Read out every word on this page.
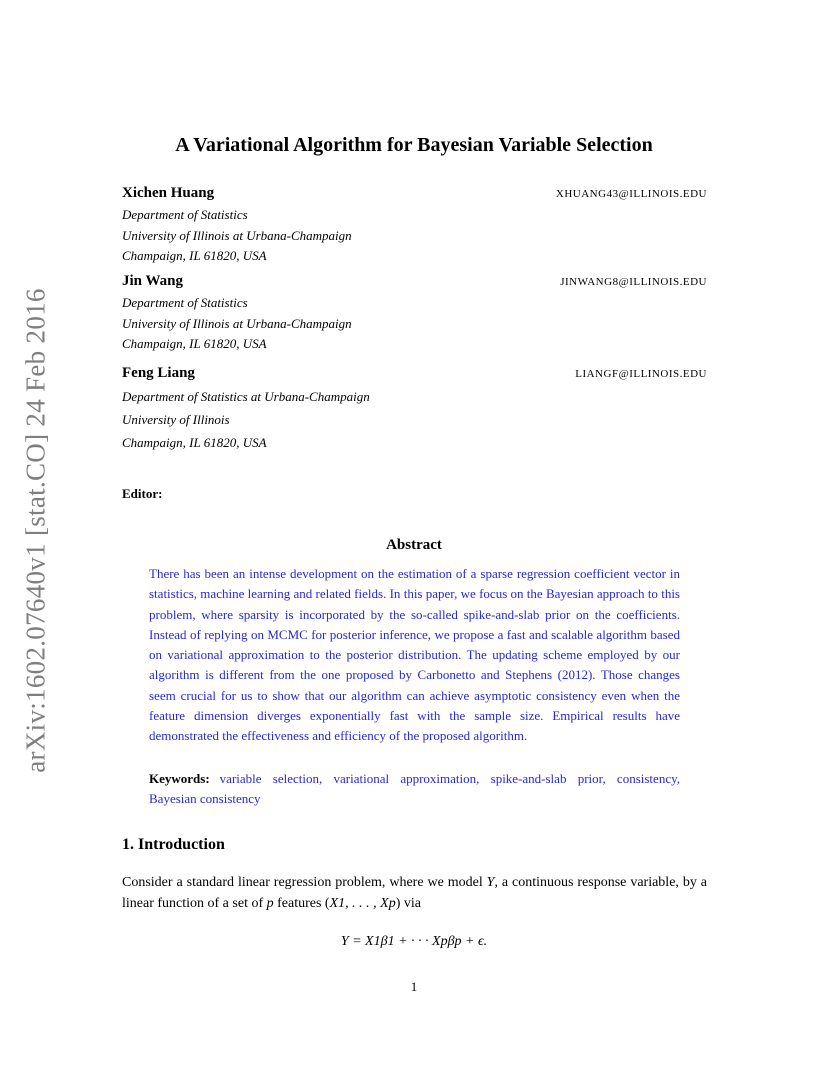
arXiv:1602.07640v1 [stat.CO] 24 Feb 2016
A Variational Algorithm for Bayesian Variable Selection
Xichen Huang	XHUANG43@ILLINOIS.EDU
Department of Statistics
University of Illinois at Urbana-Champaign
Champaign, IL 61820, USA
Jin Wang	JINWANG8@ILLINOIS.EDU
Department of Statistics
University of Illinois at Urbana-Champaign
Champaign, IL 61820, USA
Feng Liang	LIANGF@ILLINOIS.EDU
Department of Statistics at Urbana-Champaign
University of Illinois
Champaign, IL 61820, USA
Editor:
Abstract

There has been an intense development on the estimation of a sparse regression coefficient vector in statistics, machine learning and related fields. In this paper, we focus on the Bayesian approach to this problem, where sparsity is incorporated by the so-called spike-and-slab prior on the coefficients. Instead of replying on MCMC for posterior inference, we propose a fast and scalable algorithm based on variational approximation to the posterior distribution. The updating scheme employed by our algorithm is different from the one proposed by Carbonetto and Stephens (2012). Those changes seem crucial for us to show that our algorithm can achieve asymptotic consistency even when the feature dimension diverges exponentially fast with the sample size. Empirical results have demonstrated the effectiveness and efficiency of the proposed algorithm.

Keywords: variable selection, variational approximation, spike-and-slab prior, consistency, Bayesian consistency

1. Introduction

Consider a standard linear regression problem, where we model Y, a continuous response variable, by a linear function of a set of p features (X1, . . . , Xp) via

Y = X1β1 + · · · Xpβp + ϵ.
1
